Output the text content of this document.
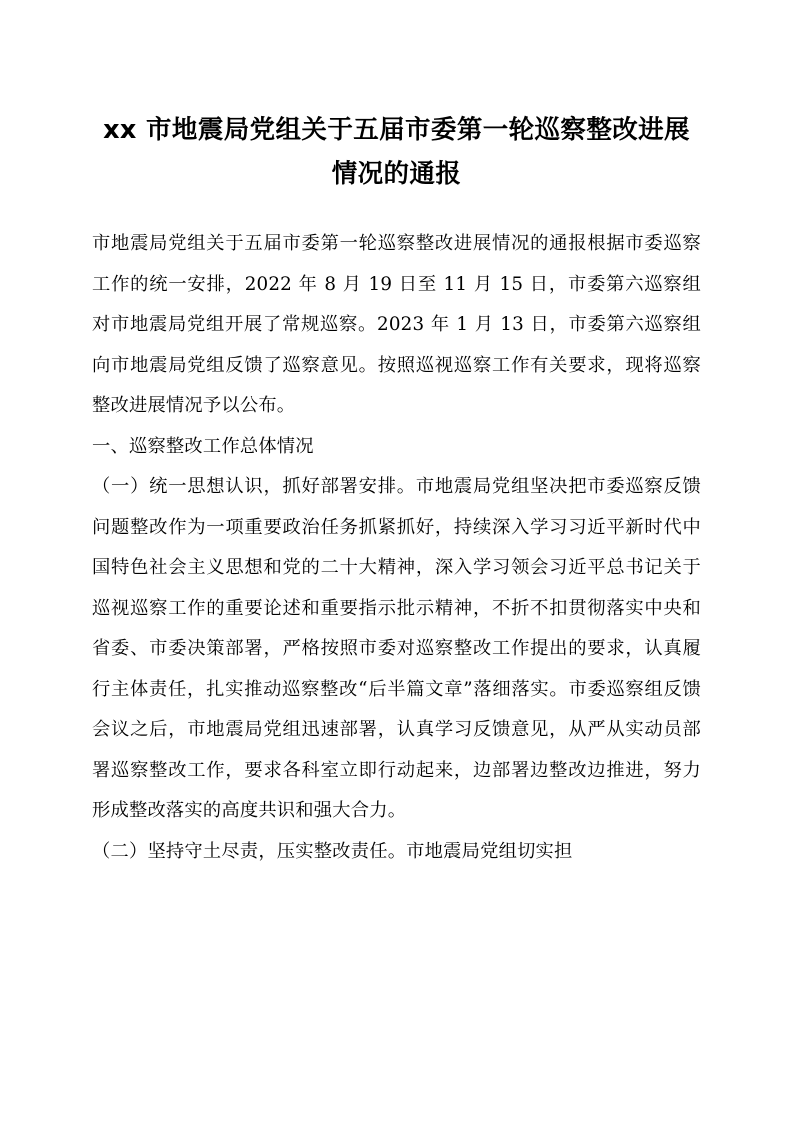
xx 市地震局党组关于五届市委第一轮巡察整改进展情况的通报

市地震局党组关于五届市委第一轮巡察整改进展情况的通报根据市委巡察工作的统一安排，2022 年 8 月 19 日至 11 月 15 日，市委第六巡察组对市地震局党组开展了常规巡察。2023 年 1 月 13 日，市委第六巡察组向市地震局党组反馈了巡察意见。按照巡视巡察工作有关要求，现将巡察整改进展情况予以公布。

一、巡察整改工作总体情况

（一）统一思想认识，抓好部署安排。市地震局党组坚决把市委巡察反馈问题整改作为一项重要政治任务抓紧抓好，持续深入学习习近平新时代中国特色社会主义思想和党的二十大精神，深入学习领会习近平总书记关于巡视巡察工作的重要论述和重要指示批示精神，不折不扣贯彻落实中央和省委、市委决策部署，严格按照市委对巡察整改工作提出的要求，认真履行主体责任，扎实推动巡察整改“后半篇文章”落细落实。市委巡察组反馈会议之后，市地震局党组迅速部署，认真学习反馈意见，从严从实动员部署巡察整改工作，要求各科室立即行动起来，边部署边整改边推进，努力形成整改落实的高度共识和强大合力。

（二）坚持守土尽责，压实整改责任。市地震局党组切实担
